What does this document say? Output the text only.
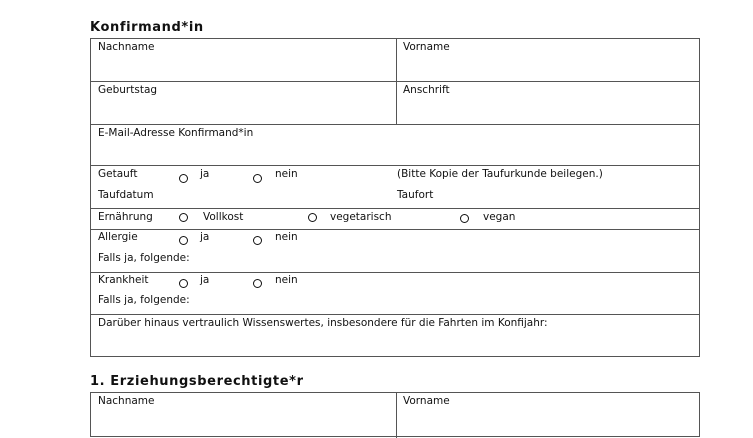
Konfirmand*in
Nachname	Vorname
Geburtstag	Anschrift
E-Mail-Adresse Konfirmand*in
Getauft	ja	nein	(Bitte Kopie der Taufurkunde beilegen.)
Taufdatum	Taufort
Ernährung	Vollkost	vegetarisch	vegan
Allergie	ja	nein
Falls ja, folgende:
Krankheit	ja	nein
Falls ja, folgende:
Darüber hinaus vertraulich Wissenswertes, insbesondere für die Fahrten im Konfijahr:
1. Erziehungsberechtigte*r
Nachname	Vorname
